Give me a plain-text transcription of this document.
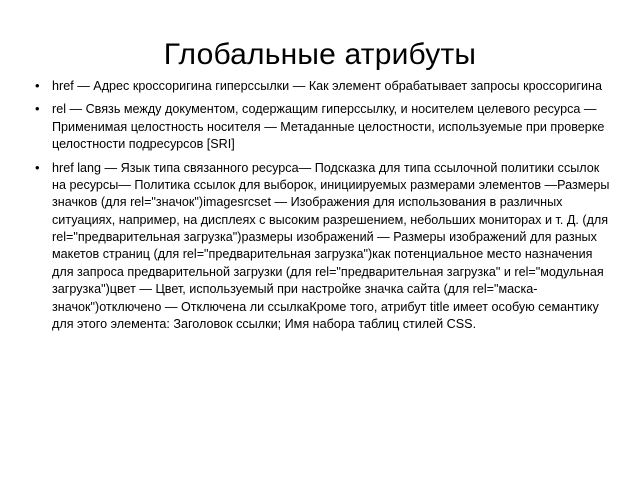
Глобальные атрибуты
• href — Адрес кроссоригина гиперссылки — Как элемент обрабатывает запросы кроссоригина
• rel — Связь между документом, содержащим гиперссылку, и носителем целевого ресурса — Применимая целостность носителя — Метаданные целостности, используемые при проверке целостности подресурсов [SRI]
• href lang — Язык типа связанного ресурса— Подсказка для типа ссылочной политики ссылок на ресурсы— Политика ссылок для выборок, инициируемых размерами элементов —Размеры значков (для rel="значок")imagesrcset — Изображения для использования в различных ситуациях, например, на дисплеях с высоким разрешением, небольших мониторах и т. Д. (для rel="предварительная загрузка")размеры изображений — Размеры изображений для разных макетов страниц (для rel="предварительная загрузка")как потенциальное место назначения для запроса предварительной загрузки (для rel="предварительная загрузка" и rel="модульная загрузка")цвет — Цвет, используемый при настройке значка сайта (для rel="маска-значок")отключено — Отключена ли ссылкаКроме того, атрибут title имеет особую семантику для этого элемента: Заголовок ссылки; Имя набора таблиц стилей CSS.
